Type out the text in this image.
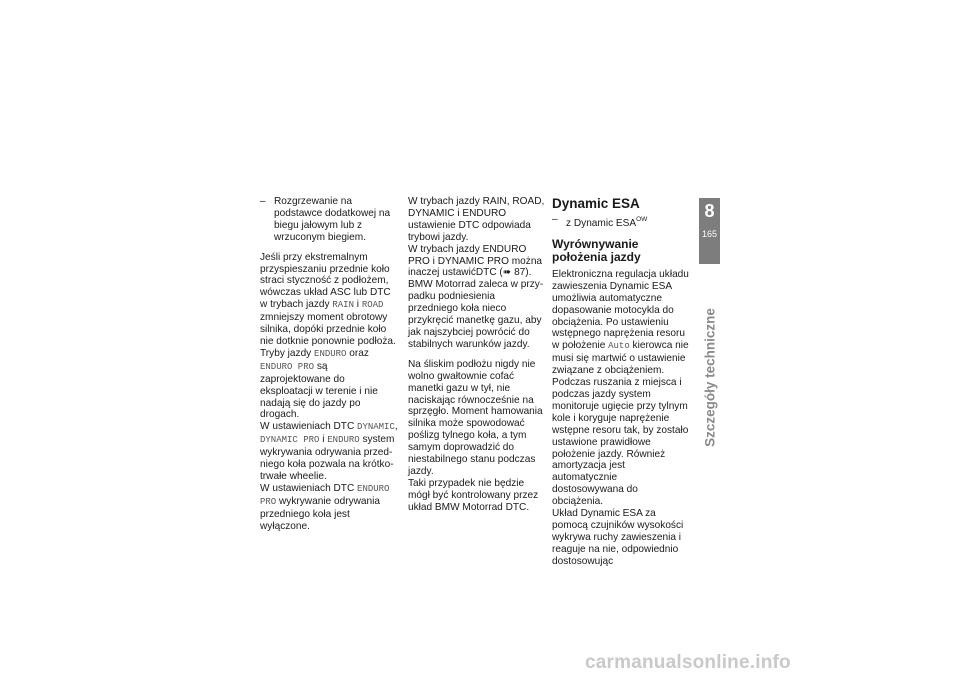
– Rozgrzewanie na podstawce dodatkowej na biegu jałowym lub z wrzuconym biegiem.

Jeśli przy ekstremalnym przyspieszaniu przednie koło straci styczność z podłożem, wówczas układ ASC lub DTC w trybach jazdy RAIN i ROAD zmniejszy moment obrotowy silnika, dopóki przednie koło nie dotknie ponownie podłoża.

Tryby jazdy ENDURO oraz ENDURO PRO są zaprojektowane do eksploatacji w terenie i nie nadają się do jazdy po drogach.

W ustawieniach DTC DYNAMIC, DYNAMIC PRO i ENDURO system wykrywania odrywania przedniego koła pozwala na krótkotrwałe wheelie.

W ustawieniach DTC ENDURO PRO wykrywanie odrywania przedniego koła jest wyłączone.

W trybach jazdy RAIN, ROAD, DYNAMIC i ENDURO ustawienie DTC odpowiada trybowi jazdy.

W trybach jazdy ENDURO PRO i DYNAMIC PRO można inaczej ustawićDTC (➠ 87).

BMW Motorrad zaleca w przypadku podniesienia przedniego koła nieco przykręcić manetkę gazu, aby jak najszybciej powrócić do stabilnych warunków jazdy.

Na śliskim podłożu nigdy nie wolno gwałtownie cofać manetki gazu w tył, nie naciskając równocześnie na sprzęgło. Moment hamowania silnika może spowodować poślizg tylnego koła, a tym samym doprowadzić do niestabilnego stanu podczas jazdy.

Taki przypadek nie będzie mógł być kontrolowany przez układ BMW Motorrad DTC.

Dynamic ESA

– z Dynamic $ESA^{OW}$

Wyrównywanie położenia jazdy

Elektroniczna regulacja układu zawieszenia Dynamic ESA umożliwia automatyczne dopasowanie motocykla do obciążenia. Po ustawieniu wstępnego naprężenia resoru w położenie Auto kierowca nie musi się martwić o ustawienie związane z obciążeniem.

Podczas ruszania z miejsca i podczas jazdy system monitoruje ugięcie przy tylnym kole i koryguje naprężenie wstępne resoru tak, by zostało ustawione prawidłowe położenie jazdy. Również amortyzacja jest automatycznie dostosowywana do obciążenia.

Układ Dynamic ESA za pomocą czujników wysokości wykrywa ruchy zawieszenia i reaguje na nie, odpowiednio dostosowując

8
165
Szczegóły techniczne
carmanualsonline.info
